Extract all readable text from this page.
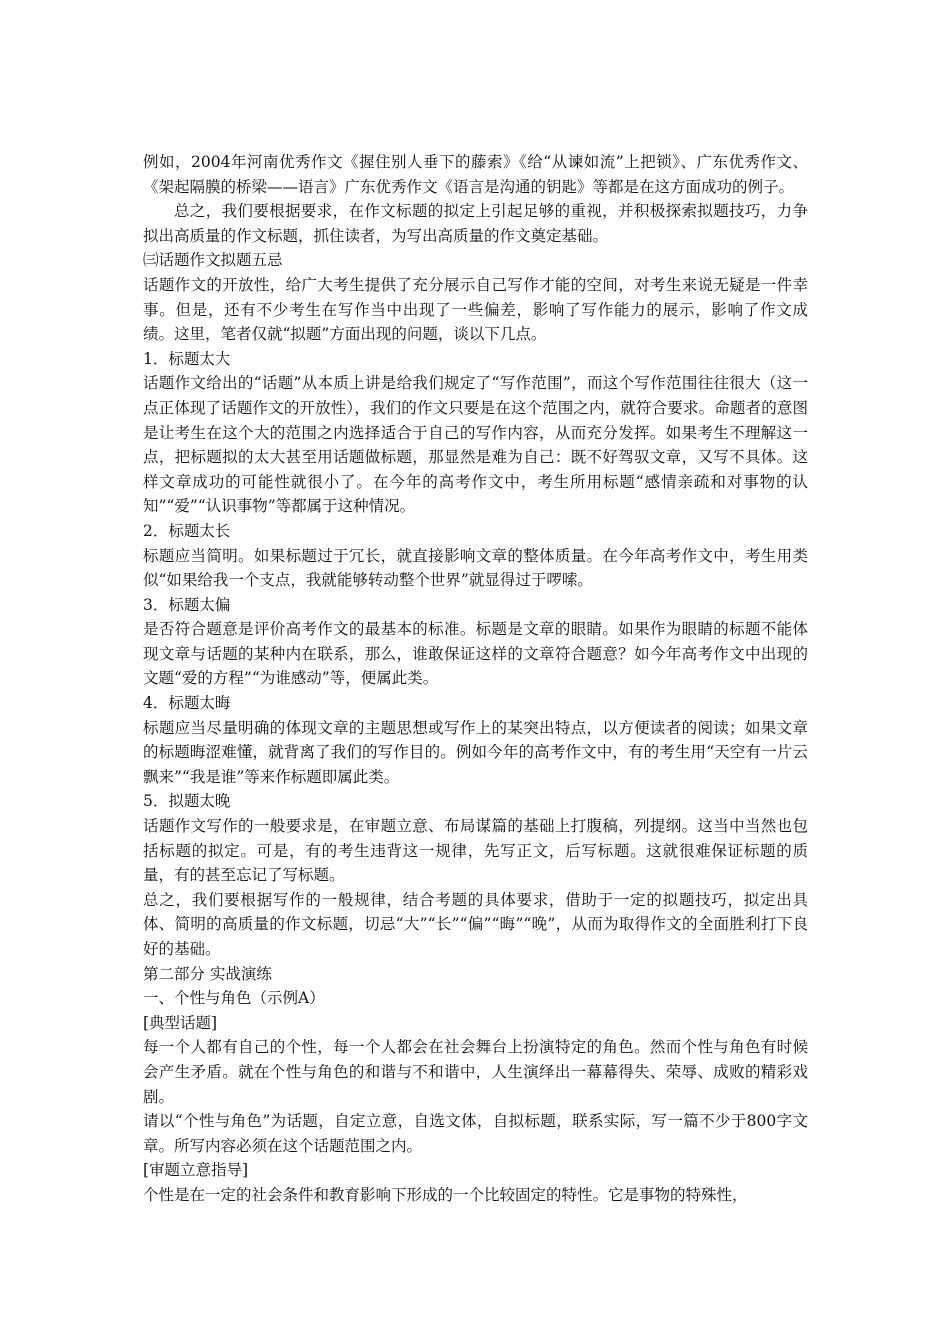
例如，2004年河南优秀作文《握住别人垂下的藤索》《给“从谏如流”上把锁》、广东优秀作文、《架起隔膜的桥梁——语言》广东优秀作文《语言是沟通的钥匙》等都是在这方面成功的例子。

总之，我们要根据要求，在作文标题的拟定上引起足够的重视，并积极探索拟题技巧，力争拟出高质量的作文标题，抓住读者，为写出高质量的作文奠定基础。

㈢话题作文拟题五忌

话题作文的开放性，给广大考生提供了充分展示自己写作才能的空间，对考生来说无疑是一件幸事。但是，还有不少考生在写作当中出现了一些偏差，影响了写作能力的展示，影响了作文成绩。这里，笔者仅就“拟题”方面出现的问题，谈以下几点。

1．标题太大

话题作文给出的“话题”从本质上讲是给我们规定了“写作范围”，而这个写作范围往往很大（这一点正体现了话题作文的开放性），我们的作文只要是在这个范围之内，就符合要求。命题者的意图是让考生在这个大的范围之内选择适合于自己的写作内容，从而充分发挥。如果考生不理解这一点，把标题拟的太大甚至用话题做标题，那显然是难为自己：既不好驾驭文章，又写不具体。这样文章成功的可能性就很小了。在今年的高考作文中，考生所用标题“感情亲疏和对事物的认知”“爱”“认识事物”等都属于这种情况。

2．标题太长

标题应当简明。如果标题过于冗长，就直接影响文章的整体质量。在今年高考作文中，考生用类似“如果给我一个支点，我就能够转动整个世界”就显得过于啰嗦。

3．标题太偏

是否符合题意是评价高考作文的最基本的标准。标题是文章的眼睛。如果作为眼睛的标题不能体现文章与话题的某种内在联系，那么，谁敢保证这样的文章符合题意？如今年高考作文中出现的文题“爱的方程”“为谁感动”等，便属此类。

4．标题太晦

标题应当尽量明确的体现文章的主题思想或写作上的某突出特点，以方便读者的阅读；如果文章的标题晦涩难懂，就背离了我们的写作目的。例如今年的高考作文中，有的考生用“天空有一片云飘来”“我是谁”等来作标题即属此类。

5．拟题太晚

话题作文写作的一般要求是，在审题立意、布局谋篇的基础上打腹稿，列提纲。这当中当然也包括标题的拟定。可是，有的考生违背这一规律，先写正文，后写标题。这就很难保证标题的质量，有的甚至忘记了写标题。

总之，我们要根据写作的一般规律，结合考题的具体要求，借助于一定的拟题技巧，拟定出具体、简明的高质量的作文标题，切忌“大”“长”“偏”“晦”“晚”，从而为取得作文的全面胜利打下良好的基础。

第二部分 实战演练

一、个性与角色（示例A）

[典型话题]

每一个人都有自己的个性，每一个人都会在社会舞台上扮演特定的角色。然而个性与角色有时候会产生矛盾。就在个性与角色的和谐与不和谐中，人生演绎出一幕幕得失、荣辱、成败的精彩戏剧。

请以“个性与角色”为话题，自定立意，自选文体，自拟标题，联系实际，写一篇不少于800字文章。所写内容必须在这个话题范围之内。

[审题立意指导]

个性是在一定的社会条件和教育影响下形成的一个比较固定的特性。它是事物的特殊性，
